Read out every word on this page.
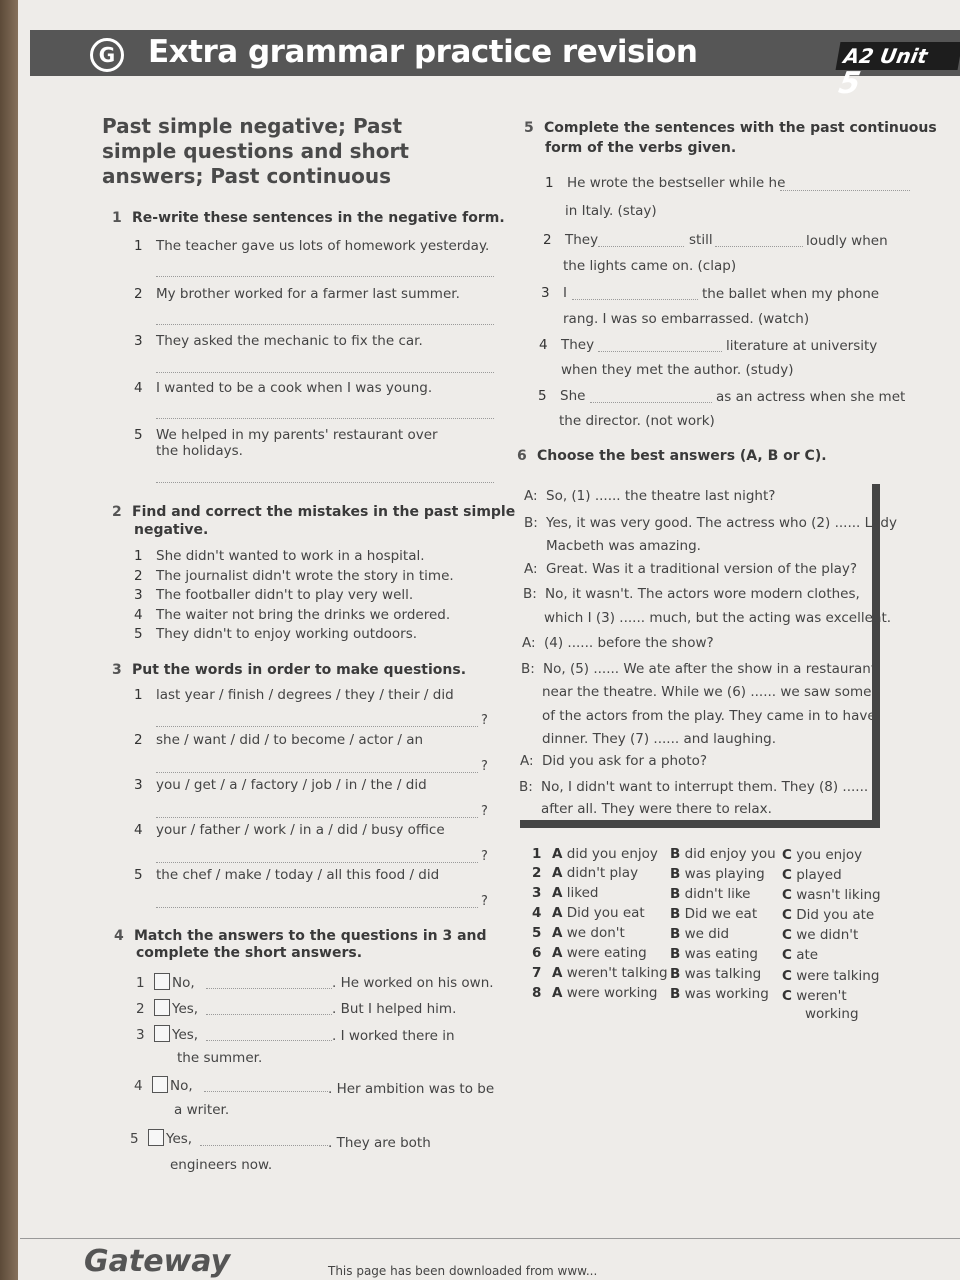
G Extra grammar practice revision	A2 Unit 5
Past simple negative; Past simple questions and short answers; Past continuous
1 Re-write these sentences in the negative form.
1 The teacher gave us lots of homework yesterday.
2 My brother worked for a farmer last summer.
3 They asked the mechanic to fix the car.
4 I wanted to be a cook when I was young.
5 We helped in my parents' restaurant over
the holidays.
2 Find and correct the mistakes in the past simple
negative.
1 She didn't wanted to work in a hospital.
2 The journalist didn't wrote the story in time.
3 The footballer didn't to play very well.
4 The waiter not bring the drinks we ordered.
5 They didn't to enjoy working outdoors.
3 Put the words in order to make questions.
1 last year / finish / degrees / they / their / did
?
2 she / want / did / to become / actor / an
?
3 you / get / a / factory / job / in / the / did
?
4 your / father / work / in a / did / busy office
?
5 the chef / make / today / all this food / did
?
4 Match the answers to the questions in 3 and
complete the short answers.
1 No,	. He worked on his own.
2 Yes,	. But I helped him.
3 Yes,	. I worked there in
the summer.
4 No,	. Her ambition was to be
a writer.
5 Yes,	. They are both
engineers now.
5 Complete the sentences with the past continuous
form of the verbs given.
1 He wrote the bestseller while he
in Italy. (stay)
2 They	still	loudly when
the lights came on. (clap)
3 I	the ballet when my phone
rang. I was so embarrassed. (watch)
4 They	literature at university
when they met the author. (study)
5 She	as an actress when she met
the director. (not work)
6 Choose the best answers (A, B or C).
A: So, (1) ...... the theatre last night?
B: Yes, it was very good. The actress who (2) ...... Lady
Macbeth was amazing.
A: Great. Was it a traditional version of the play?
B: No, it wasn't. The actors wore modern clothes,
which I (3) ...... much, but the acting was excellent.
A: (4) ...... before the show?
B: No, (5) ...... We ate after the show in a restaurant
near the theatre. While we (6) ...... we saw some
of the actors from the play. They came in to have
dinner. They (7) ...... and laughing.
A: Did you ask for a photo?
B: No, I didn't want to interrupt them. They (8) ......
after all. They were there to relax.
1 A did you enjoy B did enjoy you C you enjoy
2 A didn't play B was playing C played
3 A liked	B didn't like C wasn't liking
4 A Did you eat B Did we eat C Did you ate
5 A we don't	B we did	C we didn't
6 A were eating B was eating C ate
7 A weren't talking B was talking C were talking
8 A were working B was working C weren't
working
Gateway	This page has been downloaded from www...
